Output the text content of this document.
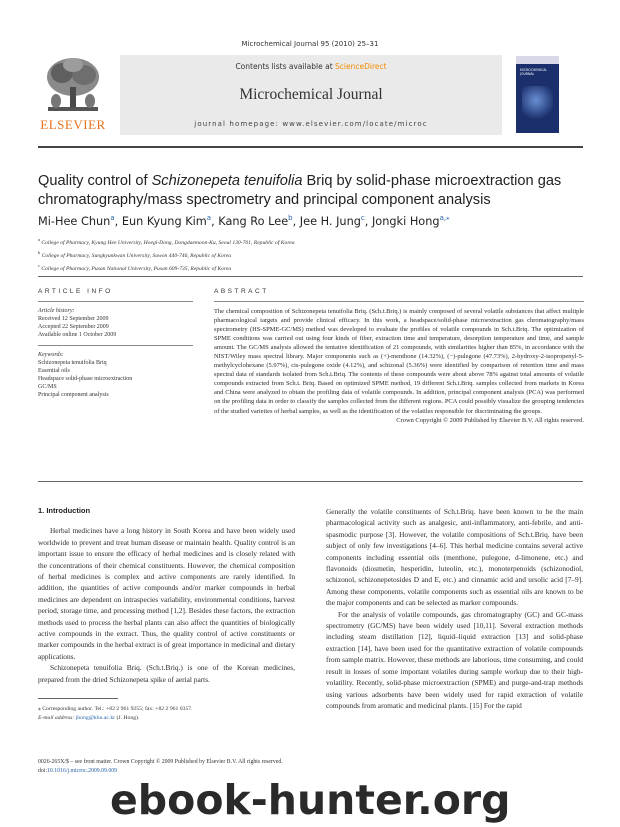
Microchemical Journal 95 (2010) 25–31
ELSEVIER
Contents lists available at ScienceDirect
Microchemical Journal
journal homepage: www.elsevier.com/locate/microc
MICROCHEMICAL JOURNAL
Quality control of Schizonepeta tenuifolia Briq by solid-phase microextraction gas chromatography/mass spectrometry and principal component analysis
Mi-Hee Chun$^a$, Eun Kyung Kim$^a$, Kang Ro Lee$^b$, Jee H. Jung$^c$, Jongki Hong$^{a,⁎}$
$^a$ College of Pharmacy, Kyung Hee University, Hoegi-Dong, Dongdaemoon-Ku, Seoul 130-701, Republic of Korea
$^b$ College of Pharmacy, Sungkyunkwan University, Suwon 440-746, Republic of Korea
$^c$ College of Pharmacy, Pusan National University, Pusan 609-735, Republic of Korea
ARTICLE INFO
Article history:
Received 12 September 2009
Accepted 22 September 2009
Available online 1 October 2009
Keywords:
Schizonepeta tenuifolia Briq
Essential oils
Headspace solid-phase microextraction
GC/MS
Principal component analysis
ABSTRACT
The chemical composition of Schizonepeta tenuifolia Briq. (Sch.t.Briq.) is mainly composed of several volatile substances that affect multiple pharmacological targets and provide clinical efficacy. In this work, a headspace/solid-phase microextraction gas chromatography/mass spectrometry (HS-SPME-GC/MS) method was developed to evaluate the profiles of volatile compounds in Sch.t.Briq. The optimization of SPME conditions was carried out using four kinds of fiber, extraction time and temperature, desorption temperature and time, and sample amount. The GC/MS analysis allowed the tentative identification of 21 compounds, with similarities higher than 85%, in accordance with the NIST/Wiley mass spectral library. Major components such as (+)-menthone (14.32%), (−)-pulegone (47.73%), 2-hydroxy-2-isopropenyl-5-methylcyclohexane (5.97%), cis-pulegone oxide (4.12%), and schizonal (5.36%) were identified by comparison of retention time and mass spectral data of standards isolated from Sch.t.Briq. The contents of these compounds were about above 78% against total amounts of volatile compounds extracted from Sch.t. Briq. Based on optimized SPME method, 19 different Sch.t.Briq. samples collected from markets in Korea and China were analyzed to obtain the profiling data of volatile compounds. In addition, principal component analysis (PCA) was performed on the profiling data in order to classify the samples collected from the different regions. PCA could possibly visualize the grouping tendencies of the studied varieties of herbal samples, as well as the identification of the volatiles responsible for discriminating the groups.
Crown Copyright © 2009 Published by Elsevier B.V. All rights reserved.
1. Introduction

Herbal medicines have a long history in South Korea and have been widely used worldwide to prevent and treat human disease or maintain health. Quality control is an important issue to ensure the efficacy of herbal medicines and is closely related with the concentrations of their chemical constituents. However, the chemical composition of herbal medicines is complex and active components are rarely identified. In addition, the quantities of active compounds and/or marker compounds in herbal medicines are dependent on intraspecies variability, environmental conditions, harvest period, storage time, and processing method [1,2]. Besides these factors, the extraction methods used to process the herbal plants can also affect the quantities of biologically active compounds in the extract. Thus, the quality control of active constituents or marker compounds in the herbal extract is of great importance in medicinal and dietary applications.

Schizonepeta tenuifolia Briq. (Sch.t.Briq.) is one of the Korean medicines, prepared from the dried Schizonepeta spike of aerial parts.

Generally the volatile constituents of Sch.t.Briq. have been known to be the main pharmacological activity such as analgesic, anti-inflammatory, anti-febrile, and anti-spasmodic purpose [3]. However, the volatile compositions of Sch.t.Briq. have been subject of only few investigations [4–6]. This herbal medicine contains several active components including essential oils (menthone, pulegone, d-limonene, etc.) and flavonoids (diosmetin, hesperidin, luteolin, etc.), monoterpenoids (schizonodiol, schizonol, schizonepetosides D and E, etc.) and cinnamic acid and ursolic acid [7–9]. Among these components, volatile components such as essential oils are known to be the major components and can be selected as marker compounds.

For the analysis of volatile compounds, gas chromatography (GC) and GC-mass spectrometry (GC/MS) have been widely used [10,11]. Several extraction methods including steam distillation [12], liquid–liquid extraction [13] and solid-phase extraction [14], have been used for the quantitative extraction of volatile compounds from sample matrix. However, these methods are laborious, time consuming, and could result in losses of some important volatiles during sample workup due to their high-volatility. Recently, solid-phase microextraction (SPME) and purge-and-trap methods using various adsorbents have been widely used for rapid extraction of volatile compounds from aromatic and medicinal plants. [15] For the rapid

⁎ Corresponding author. Tel.: +82 2 961 9255; fax: +82 2 961 0357.
E-mail address: jhong@khu.ac.kr (J. Hong).
0026-265X/$ – see front matter. Crown Copyright © 2009 Published by Elsevier B.V. All rights reserved.
doi:10.1016/j.microc.2009.09.009
ebook-hunter.org
